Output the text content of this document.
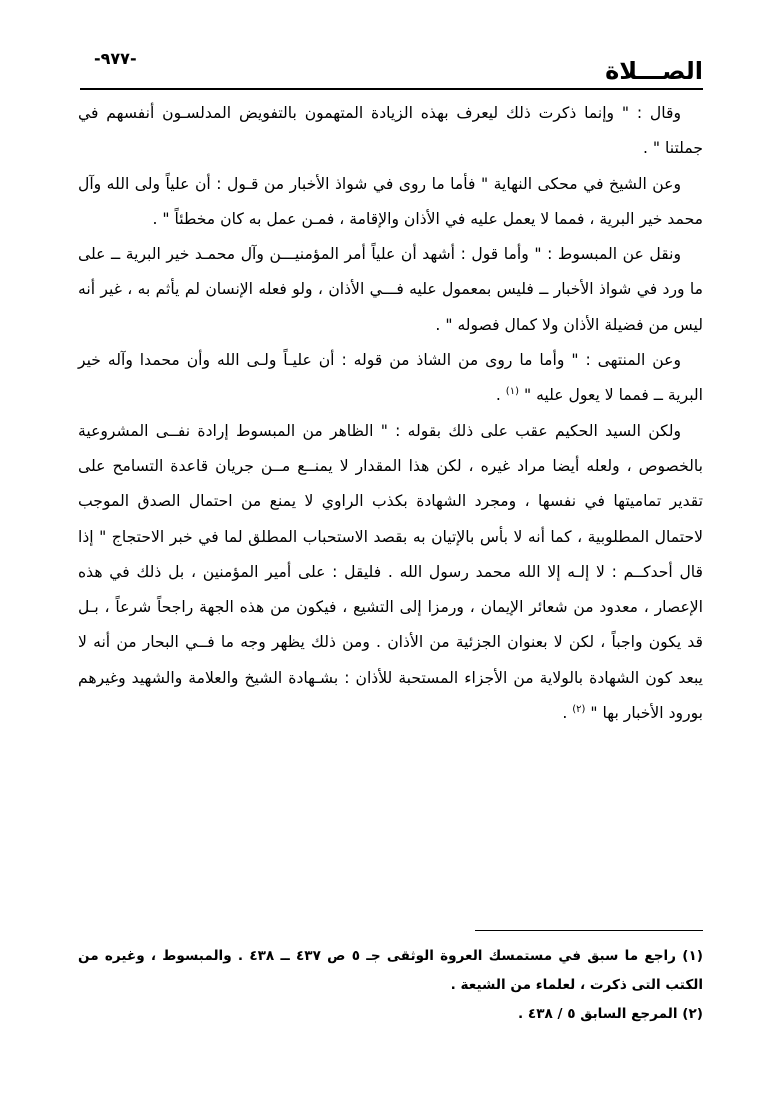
الصـــلاة
-٩٧٧-

وقال : " وإنما ذكرت ذلك ليعرف بهذه الزيادة المتهمون بالتفويض المدلسـون أنفسهم في جملتنا " .

وعن الشيخ في محكى النهاية " فأما ما روى في شواذ الأخبار من قـول : أن علياً ولى الله وآل محمد خير البرية ، فمما لا يعمل عليه في الأذان والإقامة ، فمـن عمل به كان مخطئاً " .

ونقل عن المبسوط : " وأما قول : أشهد أن علياً أمر المؤمنيـــن وآل محمـد خير البرية ــ على ما ورد في شواذ الأخبار ــ فليس بمعمول عليه فـــي الأذان ، ولو فعله الإنسان لم يأثم به ، غير أنه ليس من فضيلة الأذان ولا كمال فصوله " .

وعن المنتهى : " وأما ما روى من الشاذ من قوله : أن عليـاً ولـى الله وأن محمدا وآله خير البرية ــ فمما لا يعول عليه " $^{(١)}$ .

ولكن السيد الحكيم عقب على ذلك بقوله : " الظاهر من المبسوط إرادة نفــى المشروعية بالخصوص ، ولعله أيضا مراد غيره ، لكن هذا المقدار لا يمنــع مــن جريان قاعدة التسامح على تقدير تماميتها في نفسها ، ومجرد الشهادة بكذب الراوي لا يمنع من احتمال الصدق الموجب لاحتمال المطلوبية ، كما أنه لا بأس بالإتيان به بقصد الاستحباب المطلق لما في خبر الاحتجاج " إذا قال أحدكــم : لا إلـه إلا الله محمد رسول الله . فليقل : على أمير المؤمنين ، بل ذلك في هذه الإعصار ، معدود من شعائر الإيمان ، ورمزا إلى التشيع ، فيكون من هذه الجهة راجحاً شرعاً ، بـل قد يكون واجباً ، لكن لا بعنوان الجزئية من الأذان . ومن ذلك يظهر وجه ما فــي البحار من أنه لا يبعد كون الشهادة بالولاية من الأجزاء المستحبة للأذان : بشـهادة الشيخ والعلامة والشهيد وغيرهم بورود الأخبار بها " $^{(٢)}$ .

(١) راجع ما سبق في مستمسك العروة الوثقى جـ ٥ ص ٤٣٧ ــ ٤٣٨ . والمبسوط ، وغيره من الكتب التى ذكرت ، لعلماء من الشيعة .

(٢) المرجع السابق ٥ / ٤٣٨ .
